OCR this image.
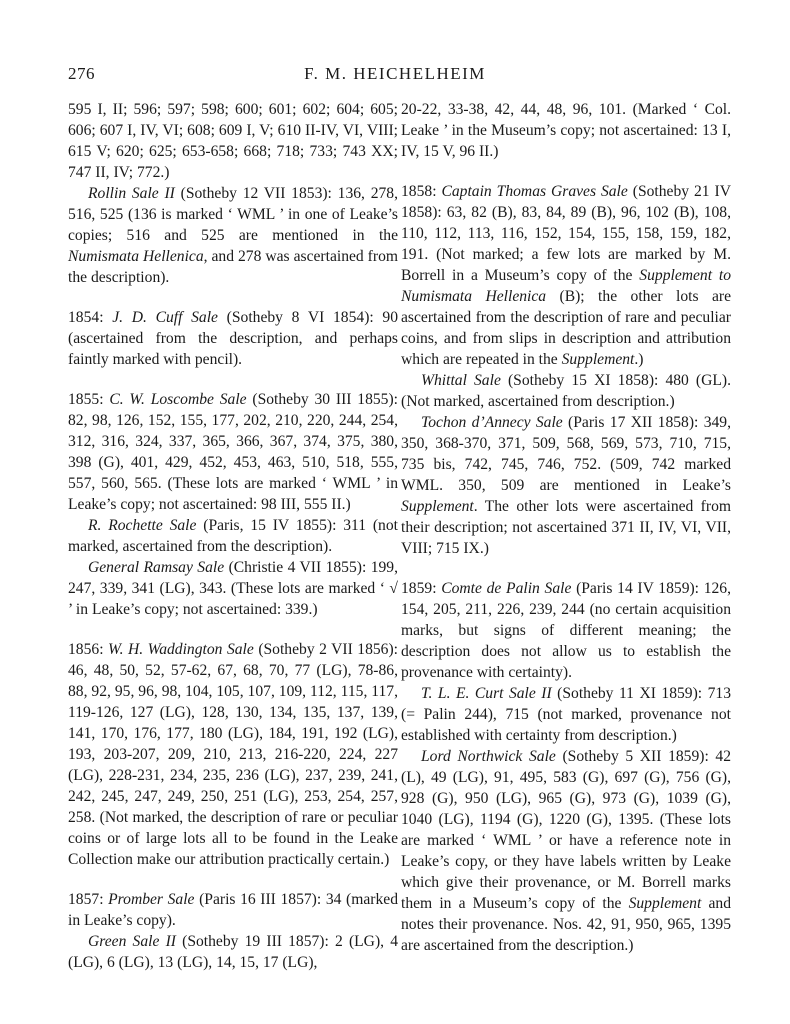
276	F. M. HEICHELHEIM

595 I, II; 596; 597; 598; 600; 601; 602; 604; 605; 606; 607 I, IV, VI; 608; 609 I, V; 610 II-IV, VI, VIII; 615 V; 620; 625; 653-658; 668; 718; 733; 743 XX; 747 II, IV; 772.)

Rollin Sale II (Sotheby 12 VII 1853): 136, 278, 516, 525 (136 is marked ‘ WML ’ in one of Leake’s copies; 516 and 525 are mentioned in the Numismata Hellenica, and 278 was ascertained from the description).

1854: J. D. Cuff Sale (Sotheby 8 VI 1854): 90 (ascertained from the description, and perhaps faintly marked with pencil).

1855: C. W. Loscombe Sale (Sotheby 30 III 1855): 82, 98, 126, 152, 155, 177, 202, 210, 220, 244, 254, 312, 316, 324, 337, 365, 366, 367, 374, 375, 380, 398 (G), 401, 429, 452, 453, 463, 510, 518, 555, 557, 560, 565. (These lots are marked ‘ WML ’ in Leake’s copy; not ascertained: 98 III, 555 II.)

R. Rochette Sale (Paris, 15 IV 1855): 311 (not marked, ascertained from the description).

General Ramsay Sale (Christie 4 VII 1855): 199, 247, 339, 341 (LG), 343. (These lots are marked ‘ √ ’ in Leake’s copy; not ascertained: 339.)

1856: W. H. Waddington Sale (Sotheby 2 VII 1856): 46, 48, 50, 52, 57-62, 67, 68, 70, 77 (LG), 78-86, 88, 92, 95, 96, 98, 104, 105, 107, 109, 112, 115, 117, 119-126, 127 (LG), 128, 130, 134, 135, 137, 139, 141, 170, 176, 177, 180 (LG), 184, 191, 192 (LG), 193, 203-207, 209, 210, 213, 216-220, 224, 227 (LG), 228-231, 234, 235, 236 (LG), 237, 239, 241, 242, 245, 247, 249, 250, 251 (LG), 253, 254, 257, 258. (Not marked, the description of rare or peculiar coins or of large lots all to be found in the Leake Collection make our attribution practically certain.)

1857: Promber Sale (Paris 16 III 1857): 34 (marked in Leake’s copy).

Green Sale II (Sotheby 19 III 1857): 2 (LG), 4 (LG), 6 (LG), 13 (LG), 14, 15, 17 (LG),

20-22, 33-38, 42, 44, 48, 96, 101. (Marked ‘ Col. Leake ’ in the Museum’s copy; not ascertained: 13 I, IV, 15 V, 96 II.)

1858: Captain Thomas Graves Sale (Sotheby 21 IV 1858): 63, 82 (B), 83, 84, 89 (B), 96, 102 (B), 108, 110, 112, 113, 116, 152, 154, 155, 158, 159, 182, 191. (Not marked; a few lots are marked by M. Borrell in a Museum’s copy of the Supplement to Numismata Hellenica (B); the other lots are ascertained from the description of rare and peculiar coins, and from slips in description and attribution which are repeated in the Supplement.)

Whittal Sale (Sotheby 15 XI 1858): 480 (GL). (Not marked, ascertained from description.)

Tochon d’Annecy Sale (Paris 17 XII 1858): 349, 350, 368-370, 371, 509, 568, 569, 573, 710, 715, 735 bis, 742, 745, 746, 752. (509, 742 marked WML. 350, 509 are mentioned in Leake’s Supplement. The other lots were ascertained from their description; not ascertained 371 II, IV, VI, VII, VIII; 715 IX.)

1859: Comte de Palin Sale (Paris 14 IV 1859): 126, 154, 205, 211, 226, 239, 244 (no certain acquisition marks, but signs of different meaning; the description does not allow us to establish the provenance with certainty).

T. L. E. Curt Sale II (Sotheby 11 XI 1859): 713 (= Palin 244), 715 (not marked, provenance not established with certainty from description.)

Lord Northwick Sale (Sotheby 5 XII 1859): 42 (L), 49 (LG), 91, 495, 583 (G), 697 (G), 756 (G), 928 (G), 950 (LG), 965 (G), 973 (G), 1039 (G), 1040 (LG), 1194 (G), 1220 (G), 1395. (These lots are marked ‘ WML ’ or have a reference note in Leake’s copy, or they have labels written by Leake which give their provenance, or M. Borrell marks them in a Museum’s copy of the Supplement and notes their provenance. Nos. 42, 91, 950, 965, 1395 are ascertained from the description.)
